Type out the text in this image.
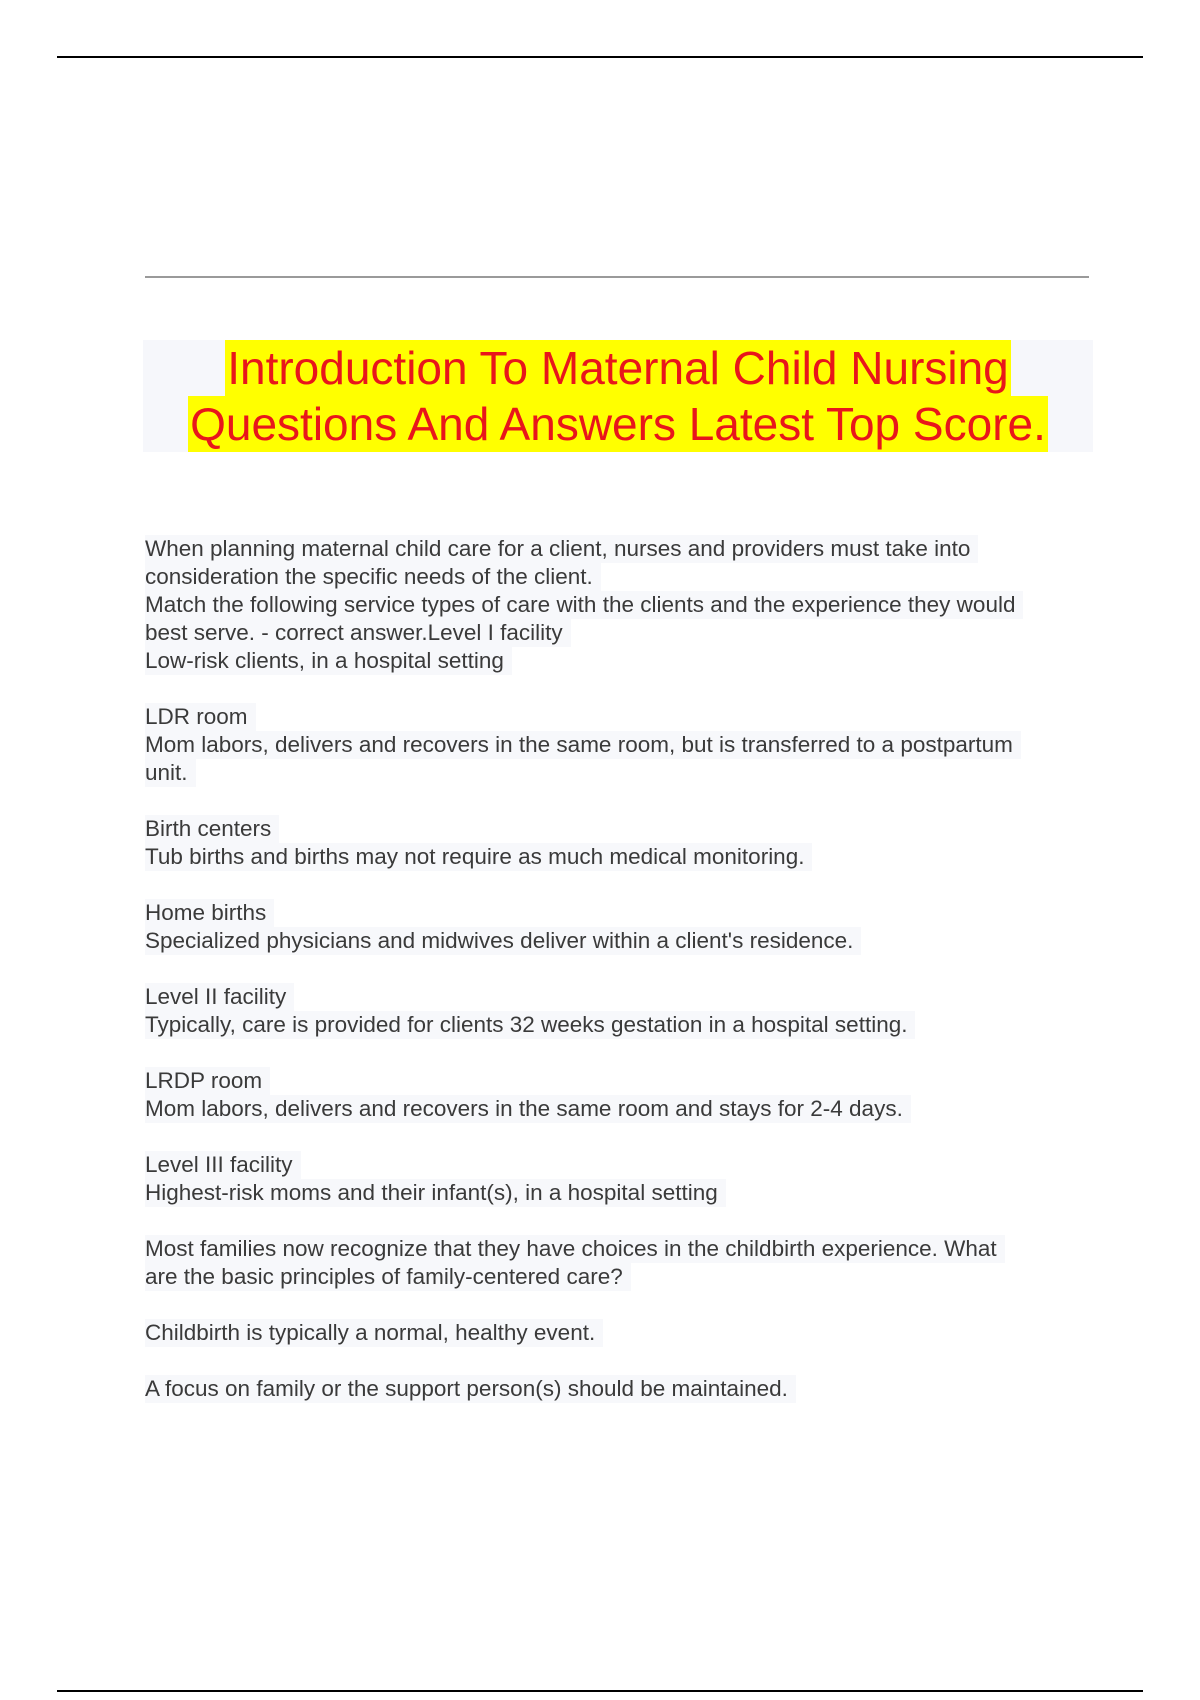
Introduction To Maternal Child Nursing
Questions And Answers Latest Top Score.
When planning maternal child care for a client, nurses and providers must take into
consideration the specific needs of the client.
Match the following service types of care with the clients and the experience they would
best serve. - correct answer.Level I facility
Low-risk clients, in a hospital setting
LDR room
Mom labors, delivers and recovers in the same room, but is transferred to a postpartum
unit.
Birth centers
Tub births and births may not require as much medical monitoring.
Home births
Specialized physicians and midwives deliver within a client's residence.
Level II facility
Typically, care is provided for clients 32 weeks gestation in a hospital setting.
LRDP room
Mom labors, delivers and recovers in the same room and stays for 2-4 days.
Level III facility
Highest-risk moms and their infant(s), in a hospital setting
Most families now recognize that they have choices in the childbirth experience. What
are the basic principles of family-centered care?
Childbirth is typically a normal, healthy event.
A focus on family or the support person(s) should be maintained.
